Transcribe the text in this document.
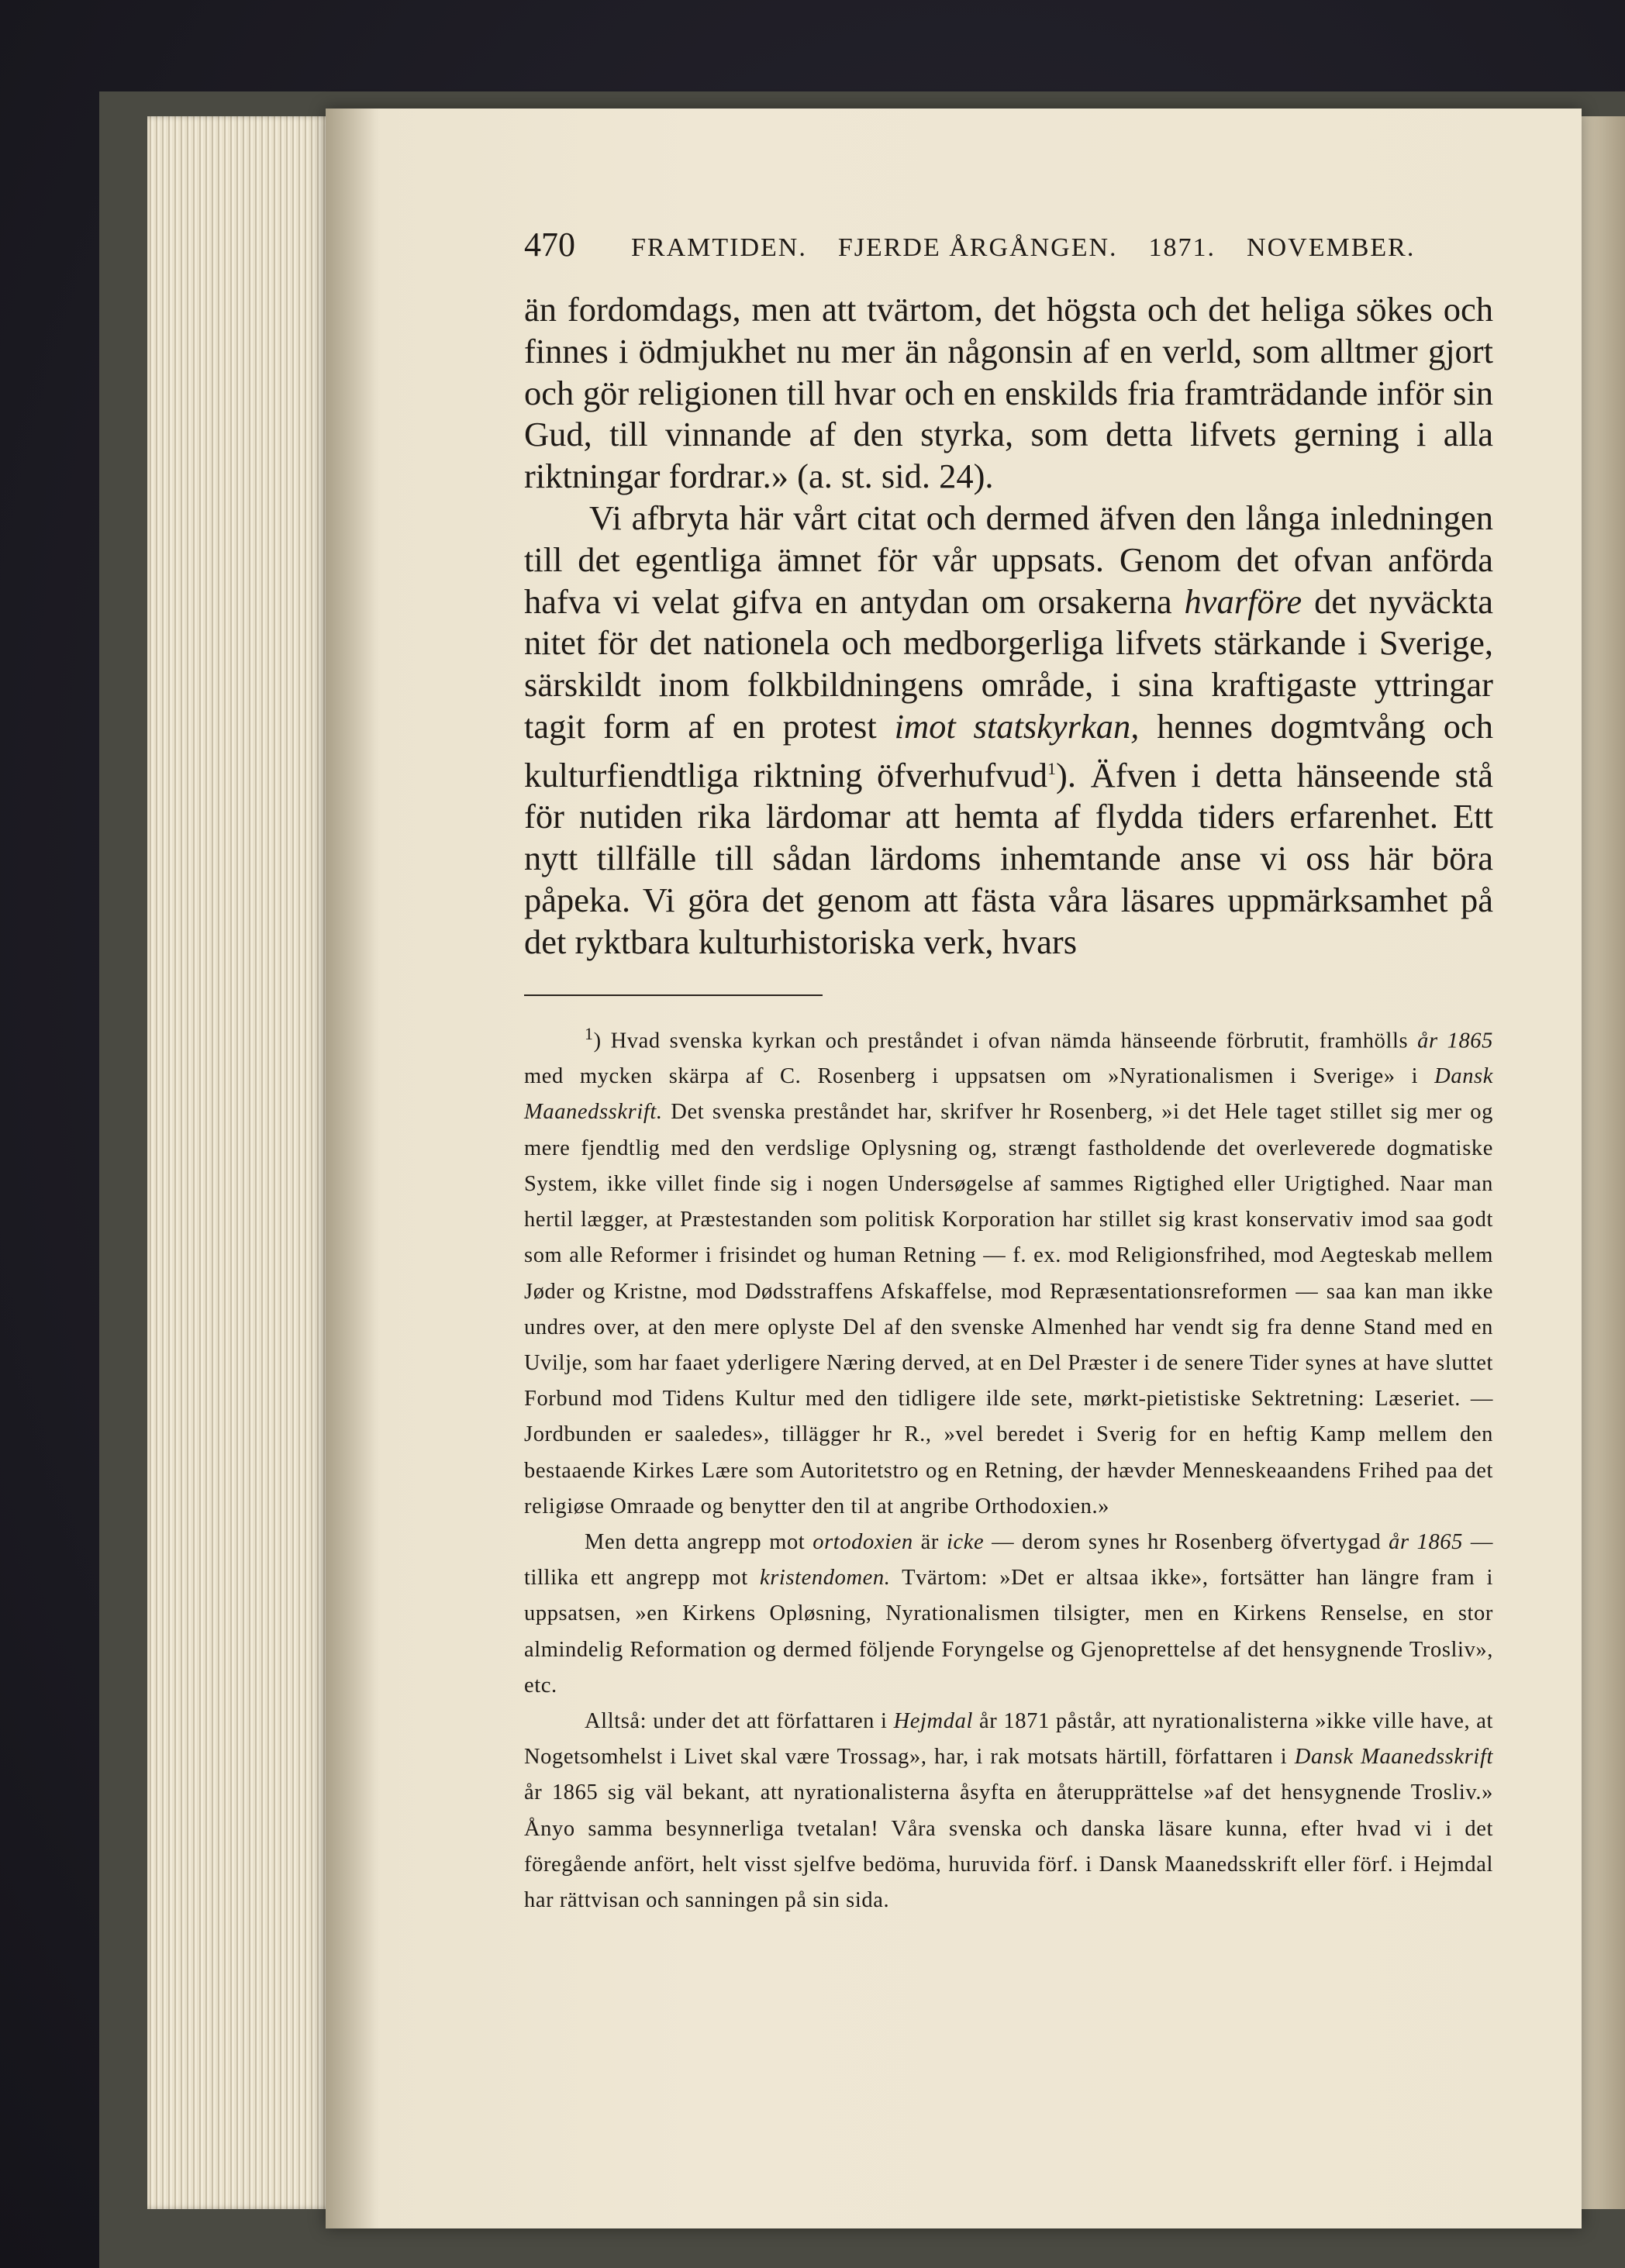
470 FRAMTIDEN. FJERDE ÅRGÅNGEN. 1871. NOVEMBER.

än fordomdags, men att tvärtom, det högsta och det heliga sökes och finnes i ödmjukhet nu mer än någonsin af en verld, som alltmer gjort och gör religionen till hvar och en enskilds fria framträdande inför sin Gud, till vinnande af den styrka, som detta lifvets gerning i alla riktningar fordrar.» (a. st. sid. 24).

Vi afbryta här vårt citat och dermed äfven den långa inledningen till det egentliga ämnet för vår uppsats. Genom det ofvan anförda hafva vi velat gifva en antydan om orsakerna hvarföre det nyväckta nitet för det nationela och medborgerliga lifvets stärkande i Sverige, särskildt inom folkbildningens område, i sina kraftigaste yttringar tagit form af en protest imot statskyrkan, hennes dogmtvång och kulturfiendtliga riktning öfverhufvud$^1$). Äfven i detta hänseende stå för nutiden rika lärdomar att hemta af flydda tiders erfarenhet. Ett nytt tillfälle till sådan lärdoms inhemtande anse vi oss här böra påpeka. Vi göra det genom att fästa våra läsares uppmärksamhet på det ryktbara kulturhistoriska verk, hvars

$^1$) Hvad svenska kyrkan och preståndet i ofvan nämda hänseende förbrutit, framhölls år 1865 med mycken skärpa af C. Rosenberg i uppsatsen om »Nyrationalismen i Sverige» i Dansk Maanedsskrift. Det svenska preståndet har, skrifver hr Rosenberg, »i det Hele taget stillet sig mer og mere fjendtlig med den verdslige Oplysning og, strængt fastholdende det overleverede dogmatiske System, ikke villet finde sig i nogen Undersøgelse af sammes Rigtighed eller Urigtighed. Naar man hertil lægger, at Præstestanden som politisk Korporation har stillet sig krast konservativ imod saa godt som alle Reformer i frisindet og human Retning — f. ex. mod Religionsfrihed, mod Aegteskab mellem Jøder og Kristne, mod Dødsstraffens Afskaffelse, mod Repræsentationsreformen — saa kan man ikke undres over, at den mere oplyste Del af den svenske Almenhed har vendt sig fra denne Stand med en Uvilje, som har faaet yderligere Næring derved, at en Del Præster i de senere Tider synes at have sluttet Forbund mod Tidens Kultur med den tidligere ilde sete, mørkt-pietistiske Sektretning: Læseriet. — Jordbunden er saaledes», tillägger hr R., »vel beredet i Sverig for en heftig Kamp mellem den bestaaende Kirkes Lære som Autoritetstro og en Retning, der hævder Menneskeaandens Frihed paa det religiøse Omraade og benytter den til at angribe Orthodoxien.»

Men detta angrepp mot ortodoxien är icke — derom synes hr Rosenberg öfvertygad år 1865 — tillika ett angrepp mot kristendomen. Tvärtom: »Det er altsaa ikke», fortsätter han längre fram i uppsatsen, »en Kirkens Opløsning, Nyrationalismen tilsigter, men en Kirkens Renselse, en stor almindelig Reformation og dermed följende Foryngelse og Gjenoprettelse af det hensygnende Trosliv», etc.

Alltså: under det att författaren i Hejmdal år 1871 påstår, att nyrationalisterna »ikke ville have, at Nogetsomhelst i Livet skal være Trossag», har, i rak motsats härtill, författaren i Dansk Maanedsskrift år 1865 sig väl bekant, att nyrationalisterna åsyfta en återupprättelse »af det hensygnende Trosliv.» Ånyo samma besynnerliga tvetalan! Våra svenska och danska läsare kunna, efter hvad vi i det föregående anfört, helt visst sjelfve bedöma, huruvida förf. i Dansk Maanedsskrift eller förf. i Hejmdal har rättvisan och sanningen på sin sida.
